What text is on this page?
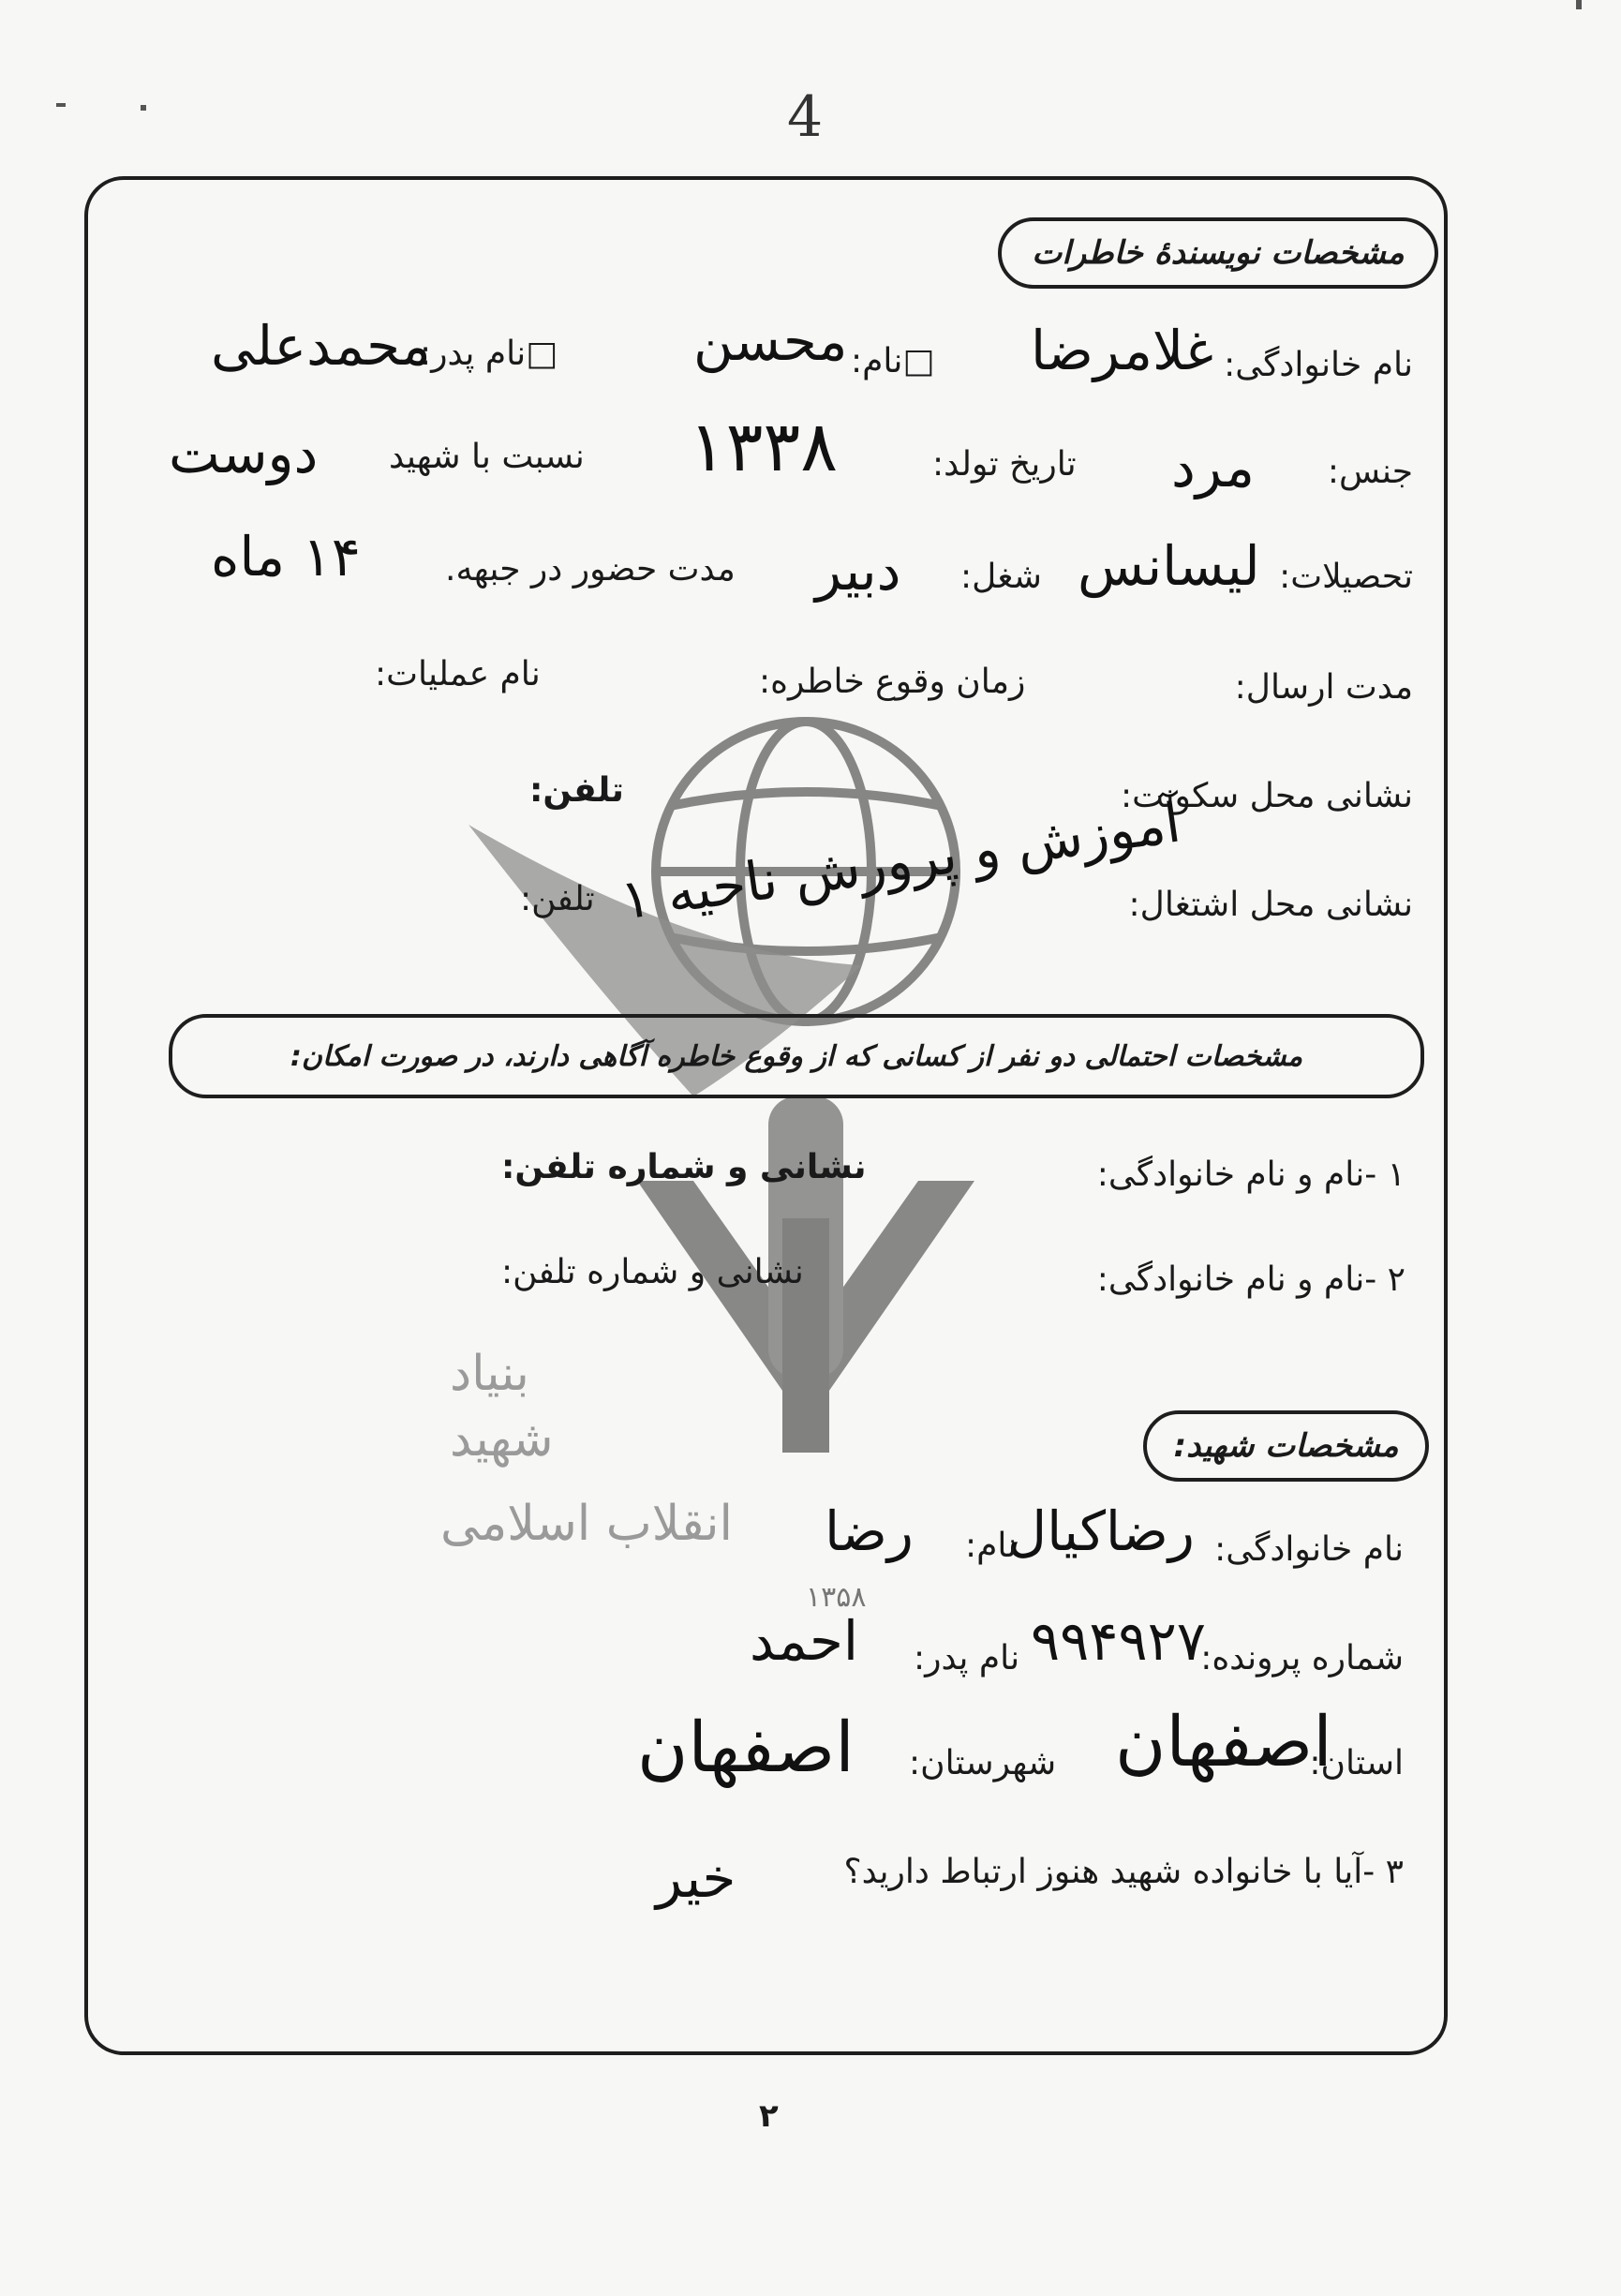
4
بنیاد
شهید
انقلاب اسلامی
۱۳۵۸
مشخصات نویسندهٔ خاطرات
نام خانوادگی:
غلامرضا
□نام:
محسن
□نام پدر:
محمدعلی
جنس:
مرد
تاریخ تولد:
۱۳۳۸
نسبت با شهید
دوست
تحصیلات:
لیسانس
شغل:
دبیر
مدت حضور در جبهه.
۱۴ ماه
مدت ارسال:
زمان وقوع خاطره:
نام عملیات:
نشانی محل سکونت:
تلفن:
نشانی محل اشتغال:
آموزش و پرورش ناحیه ۱
تلفن:
مشخصات احتمالی دو نفر از کسانی که از وقوع خاطره آگاهی دارند، در صورت امکان:
۱ -نام و نام خانوادگی:
نشانی و شماره تلفن:
۲ -نام و نام خانوادگی:
نشانی و شماره تلفن:
مشخصات شهید:
نام خانوادگی:
رضاکیال
نام:
رضا
شماره پرونده:
۹۹۴۹۲۷
نام پدر:
احمد
استان:
اصفهان
شهرستان:
اصفهان
۳ -آیا با خانواده شهید هنوز ارتباط دارید؟
خیر
۲
